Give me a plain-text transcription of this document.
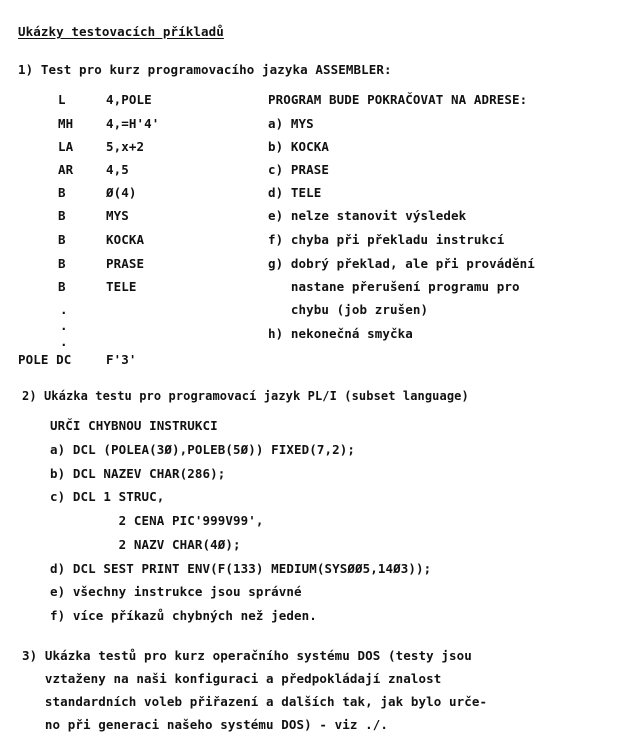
Ukázky testovacích příkladů
1) Test pro kurz programovacího jazyka ASSEMBLER:
L	4,POLE
MH	4,=H'4'
LA	5,x+2
AR	4,5
B	Ø(4)
B	MYS
B	KOCKA
B	PRASE
B	TELE
.
.
.
POLE DC	F'3'
PROGRAM BUDE POKRAČOVAT NA ADRESE:
a) MYS
b) KOCKA
c) PRASE
d) TELE
e) nelze stanovit výsledek
f) chyba při překladu instrukcí
g) dobrý překlad, ale při provádění
nastane přerušení programu pro
chybu (job zrušen)
h) nekonečná smyčka
2) Ukázka testu pro programovací jazyk PL/I (subset language)
URČI CHYBNOU INSTRUKCI
a) DCL (POLEA(3Ø),POLEB(5Ø)) FIXED(7,2);
b) DCL NAZEV CHAR(286);
c) DCL 1 STRUC,
2 CENA PIC'999V99',
2 NAZV CHAR(4Ø);
d) DCL SEST PRINT ENV(F(133) MEDIUM(SYSØØ5,14Ø3));
e) všechny instrukce jsou správné
f) více příkazů chybných než jeden.
3) Ukázka testů pro kurz operačního systému DOS (testy jsou
vztaženy na naši konfiguraci a předpokládají znalost
standardních voleb přiřazení a dalších tak, jak bylo urče-
no při generaci našeho systému DOS) - viz ./.
